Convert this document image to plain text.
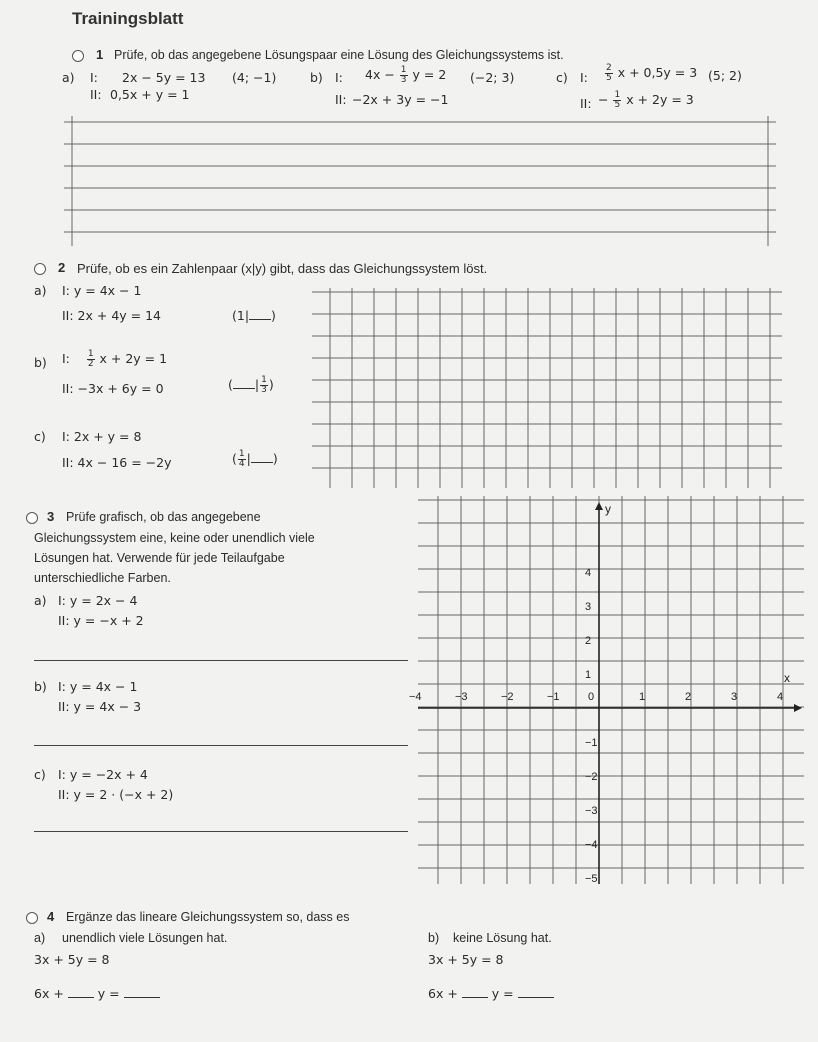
Trainingsblatt
1 Prüfe, ob das angegebene Lösungspaar eine Lösung des Gleichungssystems ist.
a) I: 2x − 5y = 13 (4; −1)
II: 0,5x + y = 1
b) I: $4x - \frac{1}{3}$ y = 2 (−2; 3)
II: −2x + 3y = −1
c) I: $\frac{2}{5}$ x + 0,5y = 3 (5; 2)
II: − $\frac{1}{5}$ x + 2y = 3
2 Prüfe, ob es ein Zahlenpaar (x|y) gibt, dass das Gleichungssystem löst.
a) I: y = 4x − 1
II: 2x + 4y = 14	(1| )
b) I: $\frac{1}{2}$ x + 2y = 1
II: −3x + 6y = 0	( | $\frac{1}{3}$ )
c) I: 2x + y = 8
II: 4x − 16 = −2y	( $\frac{1}{4}$ | )
3 Prüfe grafisch, ob das angegebene
Gleichungssystem eine, keine oder unendlich viele
Lösungen hat. Verwende für jede Teilaufgabe
unterschiedliche Farben.
a) I: y = 2x − 4
II: y = −x + 2
b) I: y = 4x − 1
II: y = 4x − 3
c) I: y = −2x + 4
II: y = 2 · (−x + 2)
x
y
0
−4	−3	−2	−1	1	2	3	4
4
3
2
1
−1
−2
−3
−4
−5
4 Ergänze das lineare Gleichungssystem so, dass es
a) unendlich viele Lösungen hat.
3x + 5y = 8
6x +	y =
b) keine Lösung hat.
3x + 5y = 8
6x +	y =
